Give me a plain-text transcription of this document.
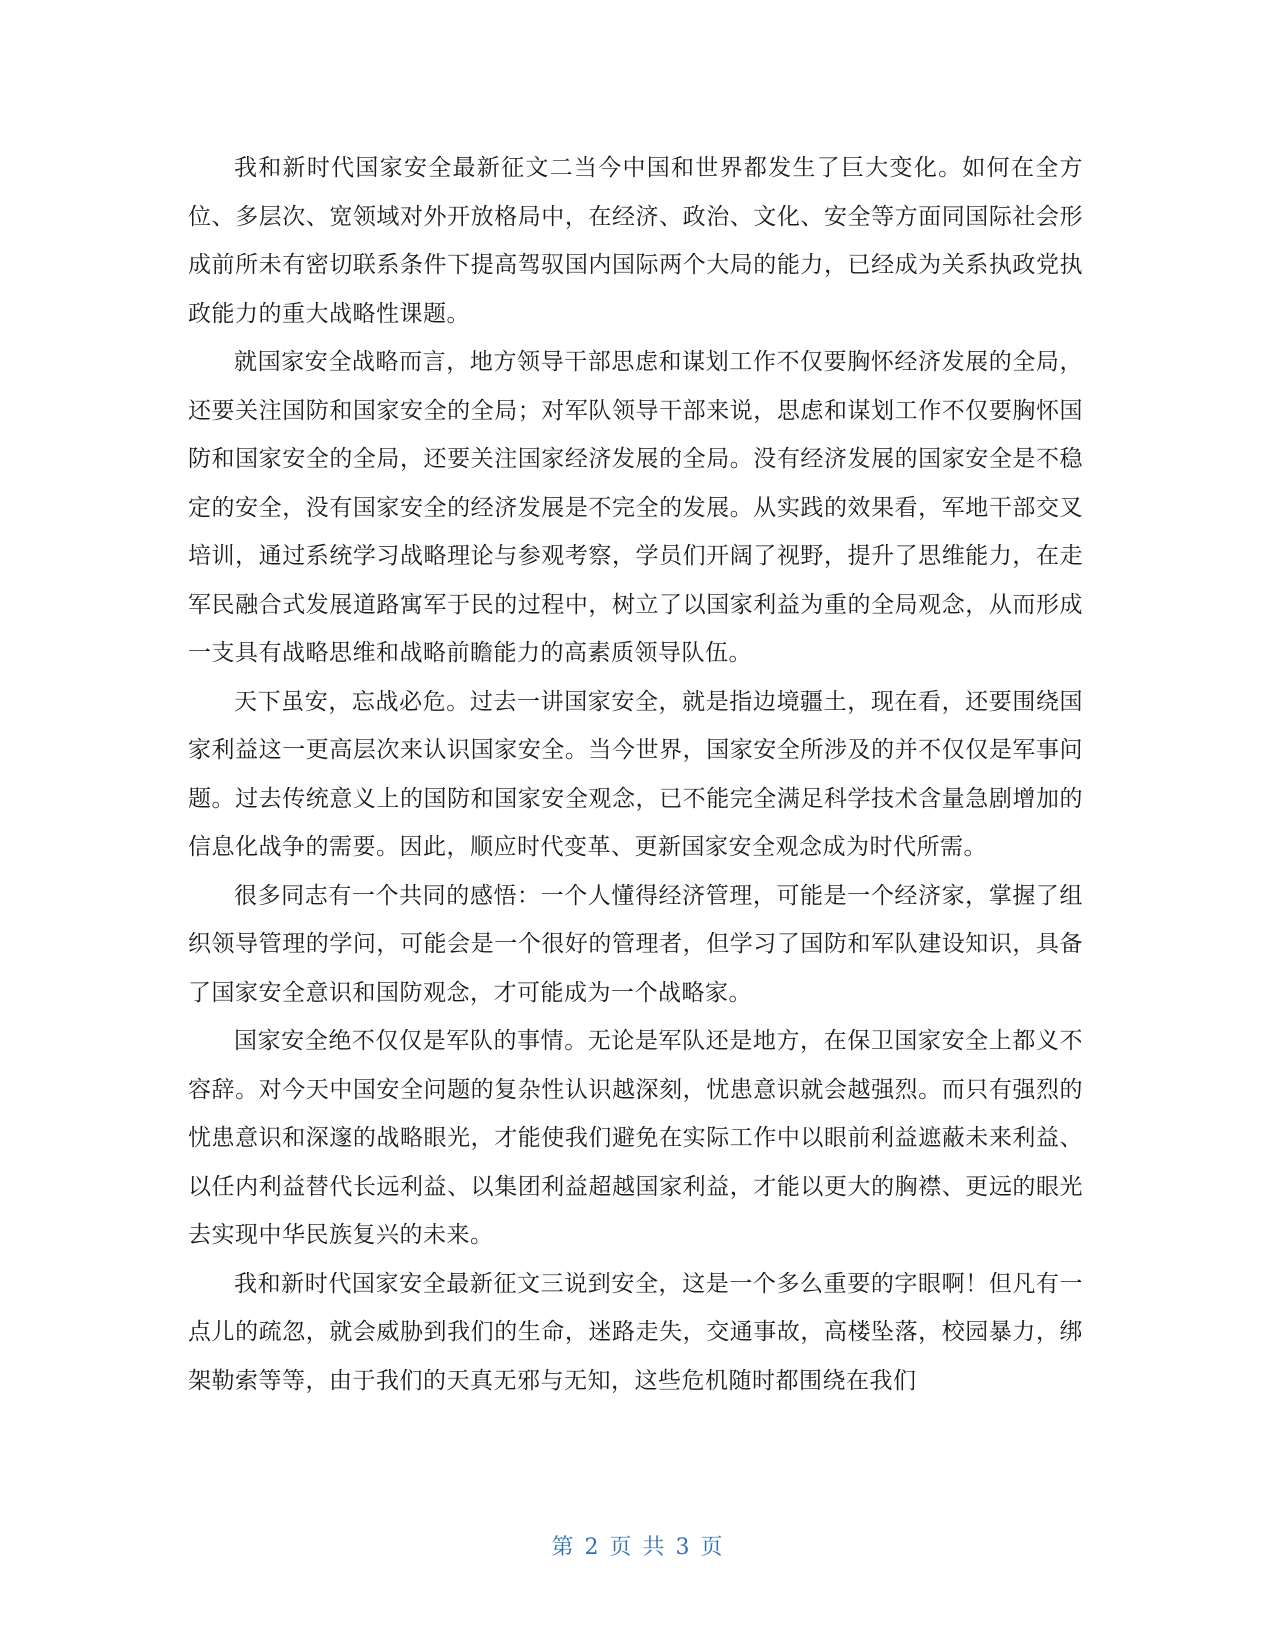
我和新时代国家安全最新征文二当今中国和世界都发生了巨大变化。如何在全方位、多层次、宽领域对外开放格局中，在经济、政治、文化、安全等方面同国际社会形成前所未有密切联系条件下提高驾驭国内国际两个大局的能力，已经成为关系执政党执政能力的重大战略性课题。

就国家安全战略而言，地方领导干部思虑和谋划工作不仅要胸怀经济发展的全局，还要关注国防和国家安全的全局；对军队领导干部来说，思虑和谋划工作不仅要胸怀国防和国家安全的全局，还要关注国家经济发展的全局。没有经济发展的国家安全是不稳定的安全，没有国家安全的经济发展是不完全的发展。从实践的效果看，军地干部交叉培训，通过系统学习战略理论与参观考察，学员们开阔了视野，提升了思维能力，在走军民融合式发展道路寓军于民的过程中，树立了以国家利益为重的全局观念，从而形成一支具有战略思维和战略前瞻能力的高素质领导队伍。

天下虽安，忘战必危。过去一讲国家安全，就是指边境疆土，现在看，还要围绕国家利益这一更高层次来认识国家安全。当今世界，国家安全所涉及的并不仅仅是军事问题。过去传统意义上的国防和国家安全观念，已不能完全满足科学技术含量急剧增加的信息化战争的需要。因此，顺应时代变革、更新国家安全观念成为时代所需。

很多同志有一个共同的感悟：一个人懂得经济管理，可能是一个经济家，掌握了组织领导管理的学问，可能会是一个很好的管理者，但学习了国防和军队建设知识，具备了国家安全意识和国防观念，才可能成为一个战略家。

国家安全绝不仅仅是军队的事情。无论是军队还是地方，在保卫国家安全上都义不容辞。对今天中国安全问题的复杂性认识越深刻，忧患意识就会越强烈。而只有强烈的忧患意识和深邃的战略眼光，才能使我们避免在实际工作中以眼前利益遮蔽未来利益、以任内利益替代长远利益、以集团利益超越国家利益，才能以更大的胸襟、更远的眼光去实现中华民族复兴的未来。

我和新时代国家安全最新征文三说到安全，这是一个多么重要的字眼啊！但凡有一点儿的疏忽，就会威胁到我们的生命，迷路走失，交通事故，高楼坠落，校园暴力，绑架勒索等等，由于我们的天真无邪与无知，这些危机随时都围绕在我们

第 2 页 共 3 页
